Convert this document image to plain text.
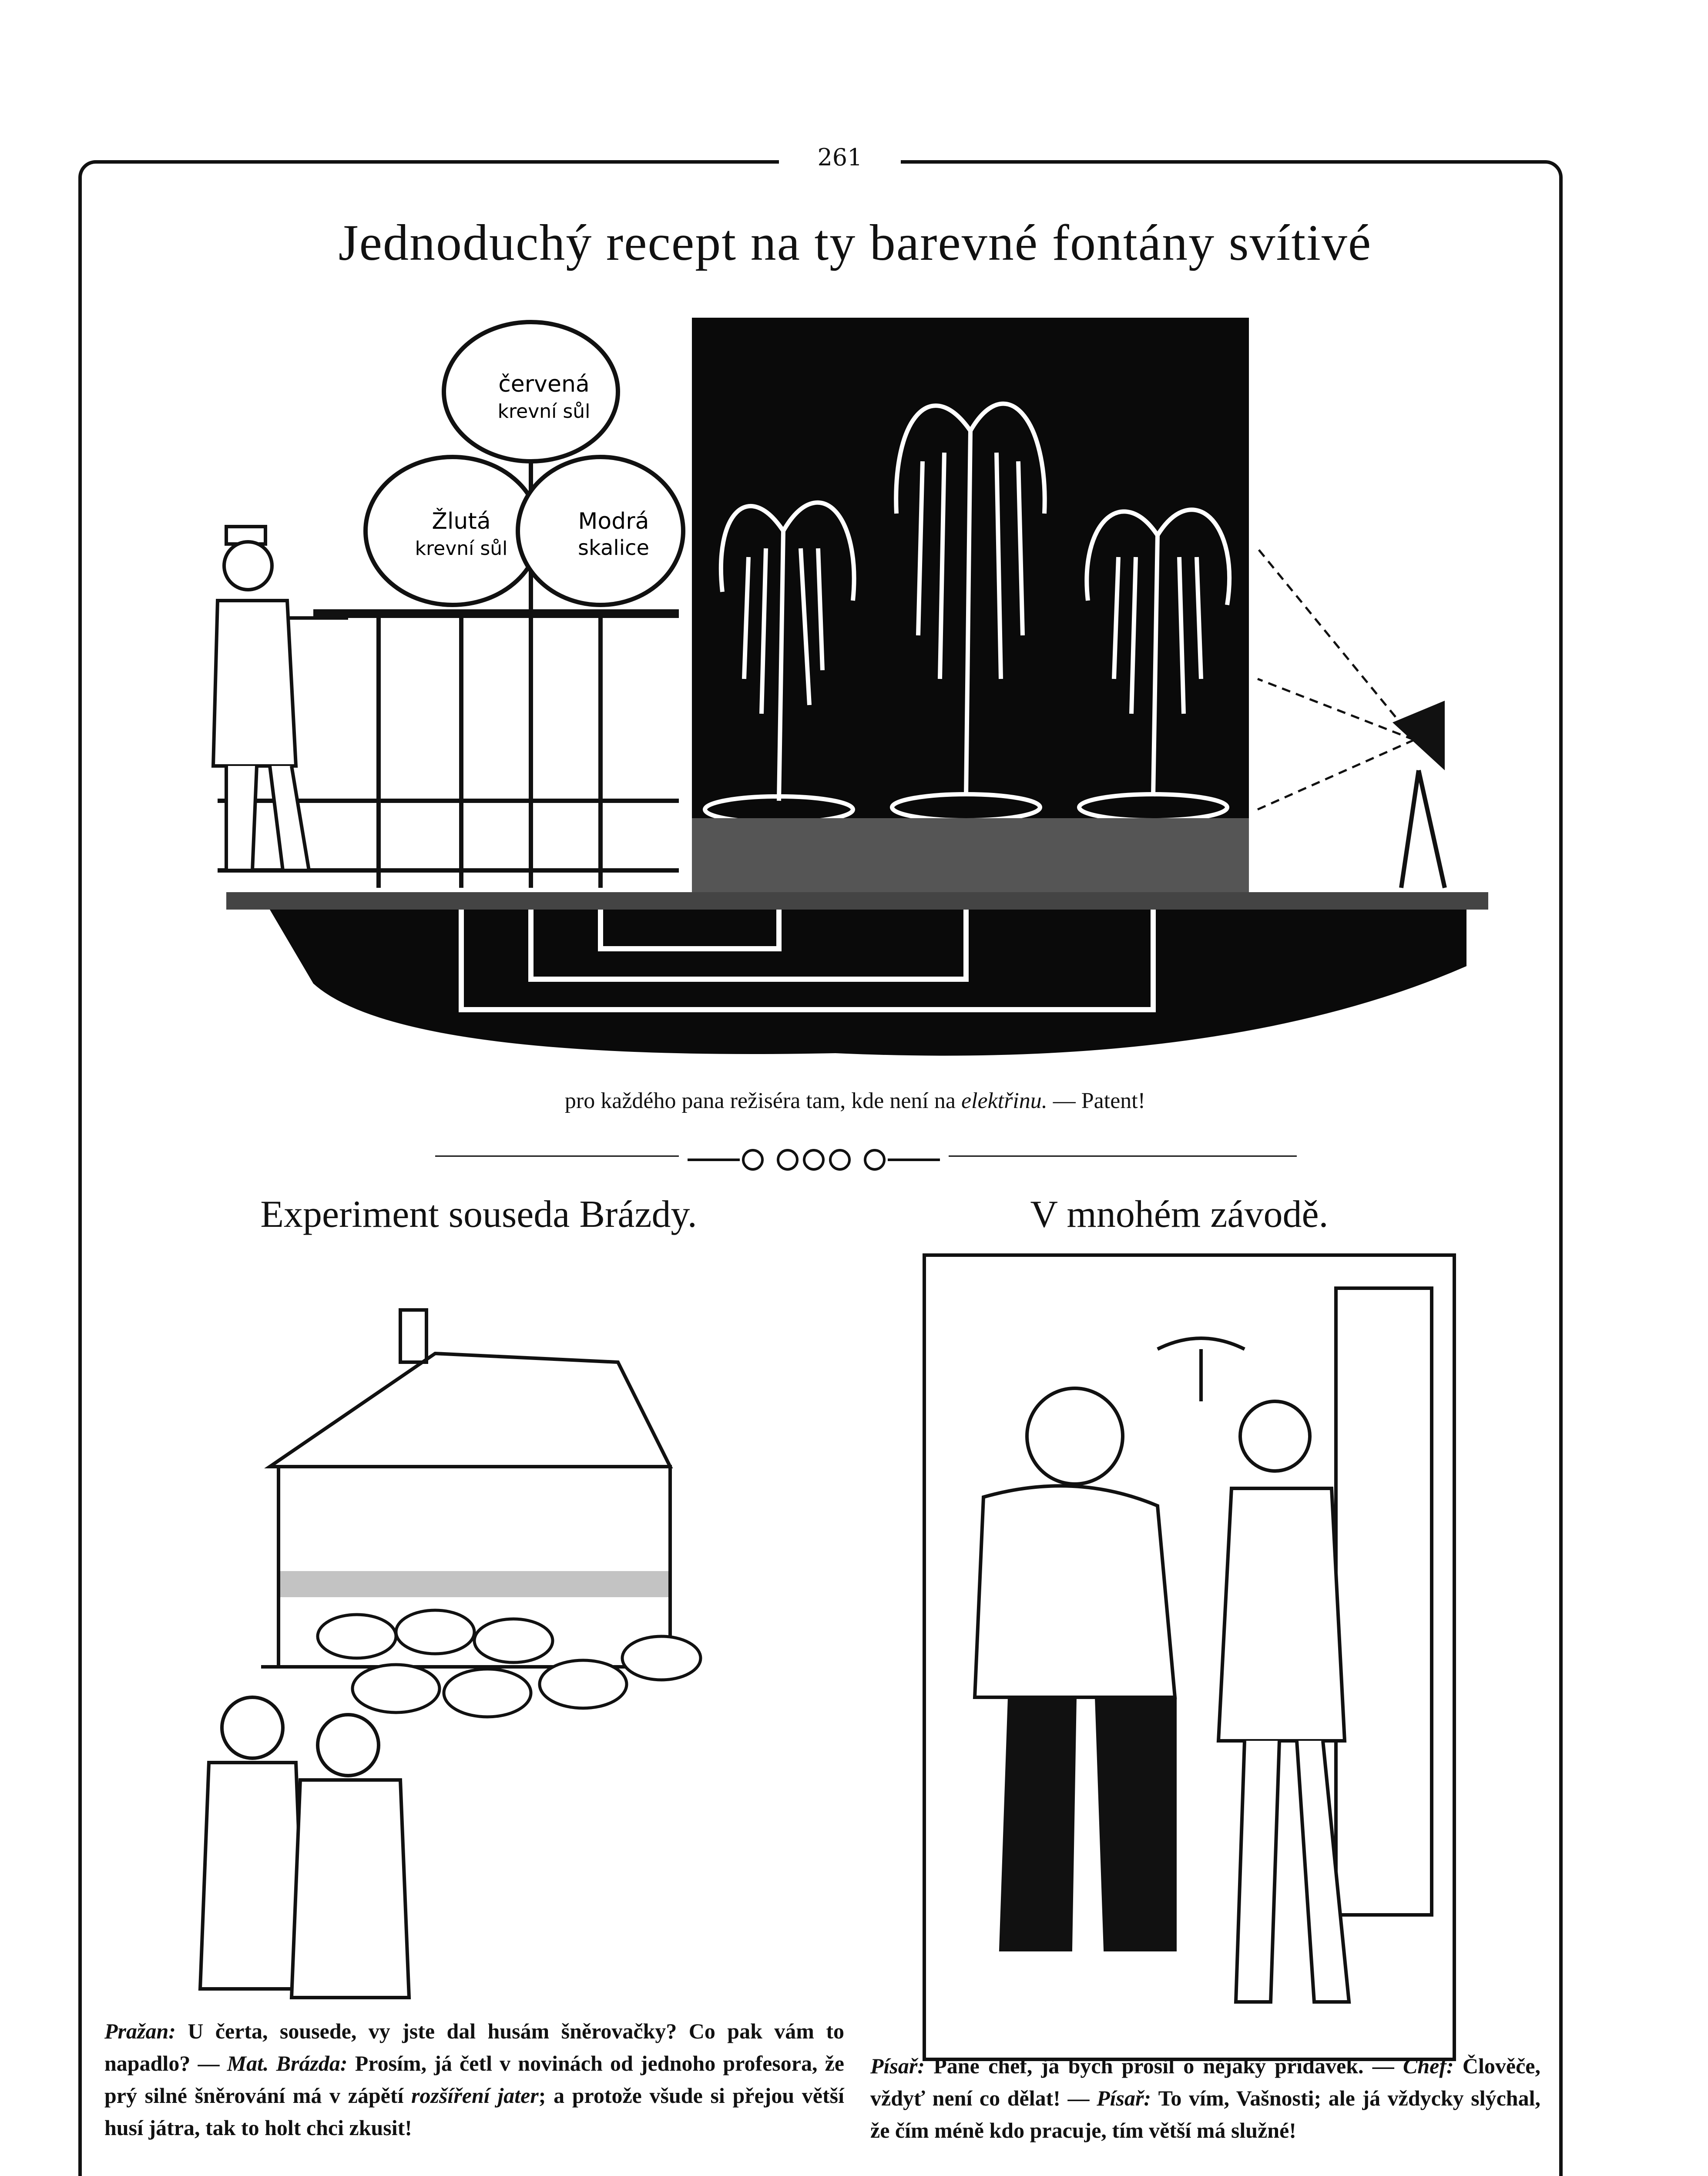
261
Jednoduchý recept na ty barevné fontány svítivé
červená
krevní sůl
Žlutá
krevní sůl
Modrá
skalice
pro každého pana režiséra tam, kde není na elektřinu. — Patent!
Experiment souseda Brázdy.
Pražan: U čerta, sousede, vy jste dal husám šněrovačky? Co pak vám to napadlo? — Mat. Brázda: Prosím, já četl v novinách od jednoho profesora, že prý silné šněrování má v zápětí rozšíření jater; a protože všude si přejou větší husí játra, tak to holt chci zkusit!
V mnohém závodě.
Písař: Pane chef, já bych prosil o nějaký přídavek. — Chef: Člověče, vždyť není co dělat! — Písař: To vím, Vašnosti; ale já vždycky slýchal, že čím méně kdo pracuje, tím větší má služné!
